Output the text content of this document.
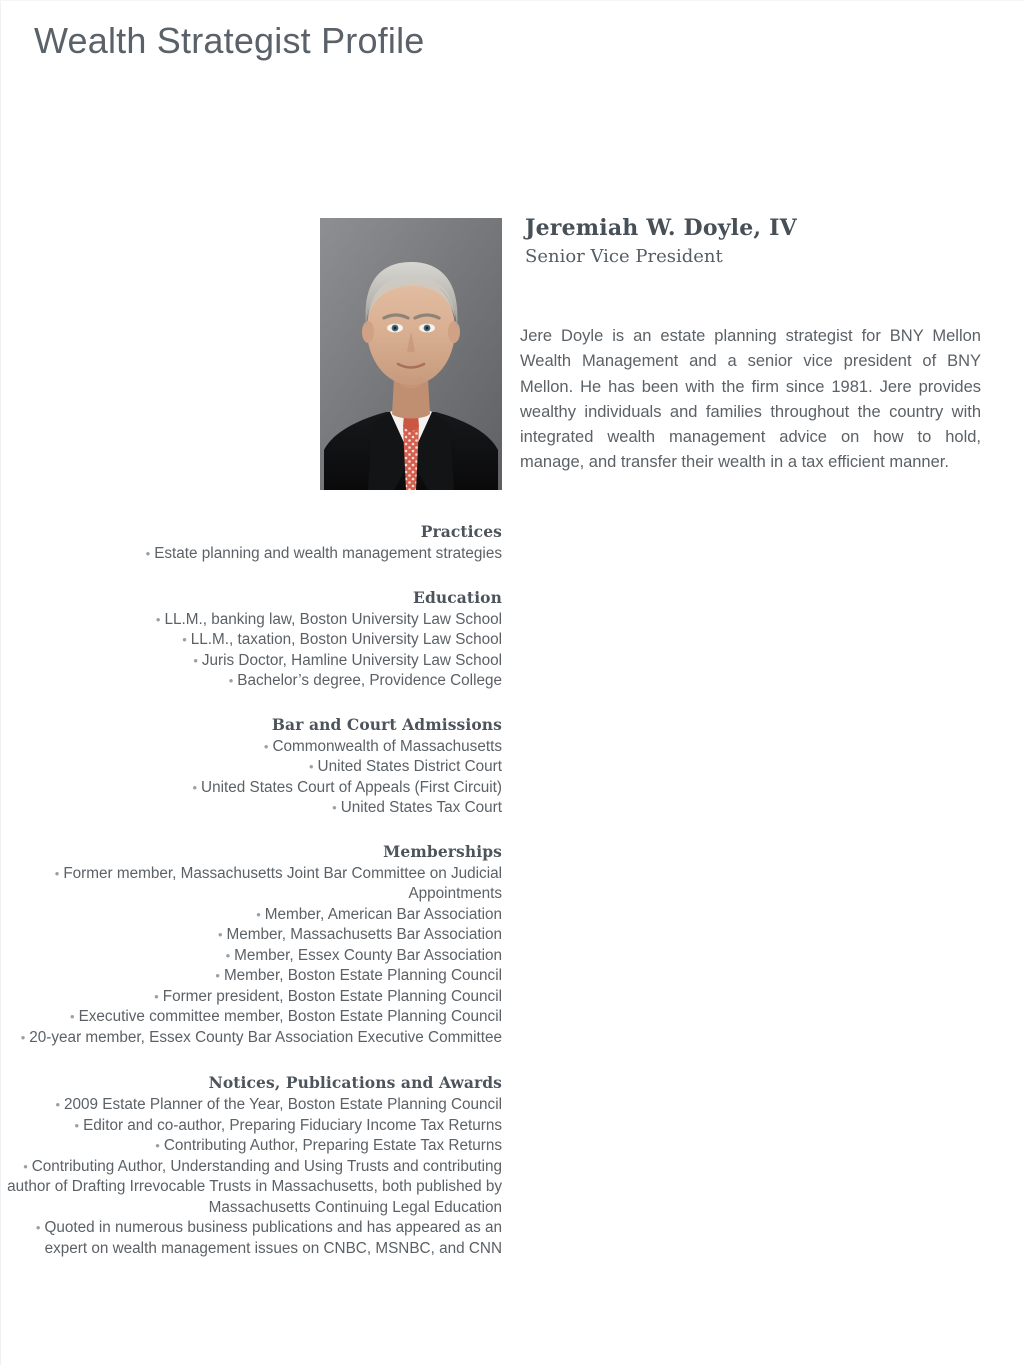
Wealth Strategist Profile
Jeremiah W. Doyle, IV
Senior Vice President
Jere Doyle is an estate planning strategist for BNY Mellon Wealth Management and a senior vice president of BNY Mellon. He has been with the firm since 1981. Jere provides wealthy individuals and families throughout the country with integrated wealth management advice on how to hold, manage, and transfer their wealth in a tax efficient manner.
Practices
• Estate planning and wealth management strategies
Education
• LL.M., banking law, Boston University Law School
• LL.M., taxation, Boston University Law School
• Juris Doctor, Hamline University Law School
• Bachelor’s degree, Providence College
Bar and Court Admissions
• Commonwealth of Massachusetts
• United States District Court
• United States Court of Appeals (First Circuit)
• United States Tax Court
Memberships
• Former member, Massachusetts Joint Bar Committee on Judicial Appointments
• Member, American Bar Association
• Member, Massachusetts Bar Association
• Member, Essex County Bar Association
• Member, Boston Estate Planning Council
• Former president, Boston Estate Planning Council
• Executive committee member, Boston Estate Planning Council
• 20-year member, Essex County Bar Association Executive Committee
Notices, Publications and Awards
• 2009 Estate Planner of the Year, Boston Estate Planning Council
• Editor and co-author, Preparing Fiduciary Income Tax Returns
• Contributing Author, Preparing Estate Tax Returns
• Contributing Author, Understanding and Using Trusts and contributing author of Drafting Irrevocable Trusts in Massachusetts, both published by Massachusetts Continuing Legal Education
• Quoted in numerous business publications and has appeared as an expert on wealth management issues on CNBC, MSNBC, and CNN
